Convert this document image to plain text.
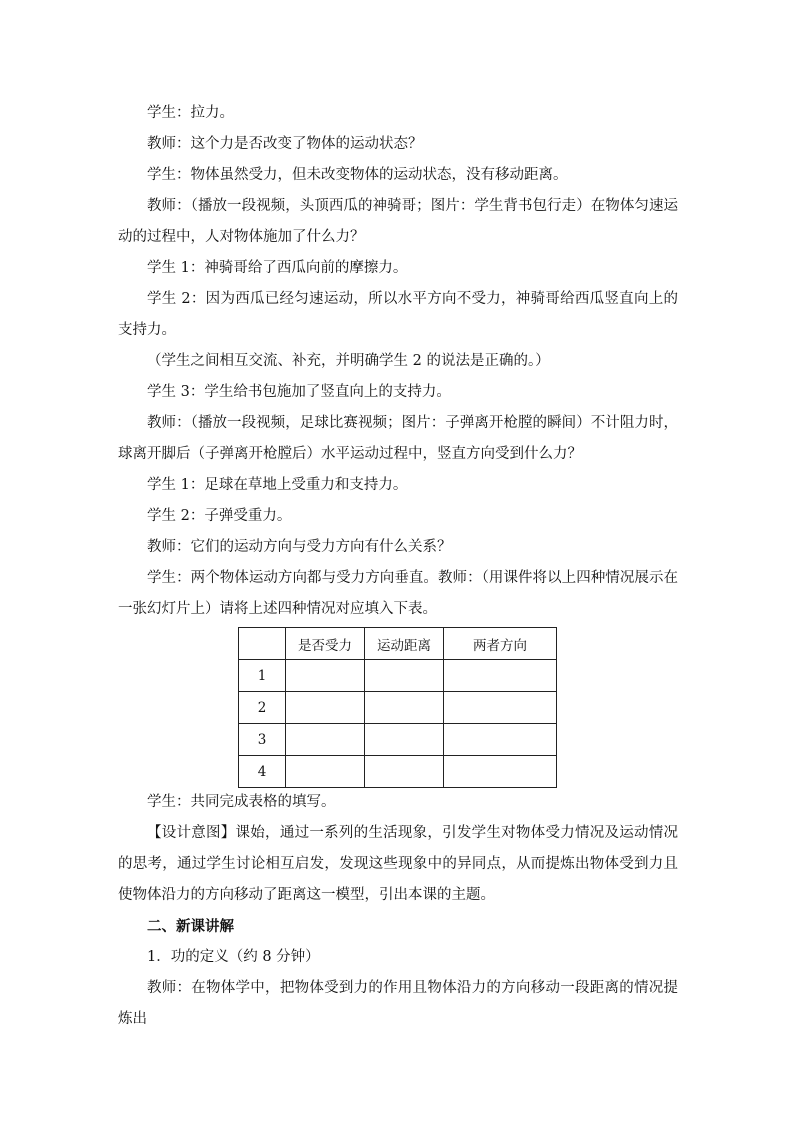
学生：拉力。

教师：这个力是否改变了物体的运动状态？

学生：物体虽然受力，但未改变物体的运动状态，没有移动距离。

教师：（播放一段视频，头顶西瓜的神骑哥；图片：学生背书包行走）在物体匀速运动的过程中，人对物体施加了什么力？

学生 1：神骑哥给了西瓜向前的摩擦力。

学生 2：因为西瓜已经匀速运动，所以水平方向不受力，神骑哥给西瓜竖直向上的支持力。

（学生之间相互交流、补充，并明确学生 2 的说法是正确的。）

学生 3：学生给书包施加了竖直向上的支持力。

教师：（播放一段视频，足球比赛视频；图片：子弹离开枪膛的瞬间）不计阻力时，球离开脚后（子弹离开枪膛后）水平运动过程中，竖直方向受到什么力？

学生 1：足球在草地上受重力和支持力。

学生 2：子弹受重力。

教师：它们的运动方向与受力方向有什么关系？

学生：两个物体运动方向都与受力方向垂直。教师：（用课件将以上四种情况展示在一张幻灯片上）请将上述四种情况对应填入下表。

	是否受力	运动距离	两者方向
1			
2			
3			
4			

学生：共同完成表格的填写。

【设计意图】课始，通过一系列的生活现象，引发学生对物体受力情况及运动情况的思考，通过学生讨论相互启发，发现这些现象中的异同点，从而提炼出物体受到力且使物体沿力的方向移动了距离这一模型，引出本课的主题。

二、新课讲解

1．功的定义（约 8 分钟）

教师：在物体学中，把物体受到力的作用且物体沿力的方向移动一段距离的情况提炼出
